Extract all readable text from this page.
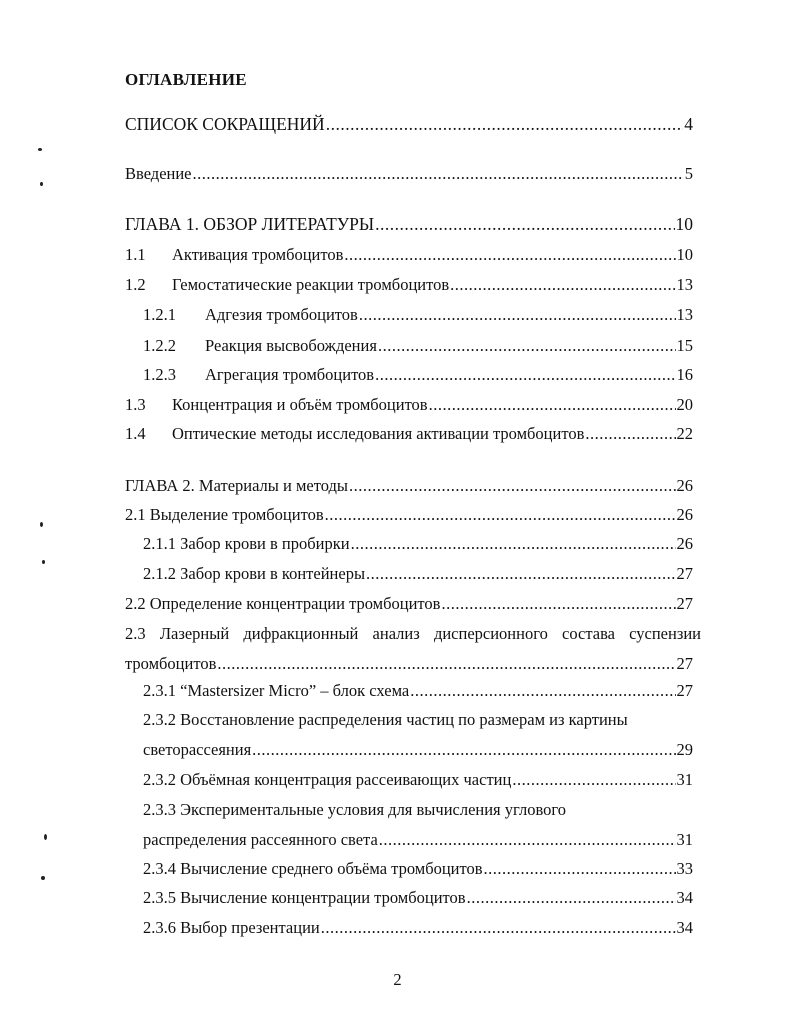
ОГЛАВЛЕНИЕ
СПИСОК СОКРАЩЕНИЙ .....	4
Введение .....	5
ГЛАВА 1. ОБЗОР ЛИТЕРАТУРЫ .....	10
1.1	Активация тромбоцитов .....	10
1.2	Гемостатические реакции тромбоцитов .....	13
1.2.1	Адгезия тромбоцитов .....	13
1.2.2	Реакция высвобождения .....	15
1.2.3	Агрегация тромбоцитов .....	16
1.3	Концентрация и объём тромбоцитов .....	20
1.4	Оптические методы исследования активации тромбоцитов .....	22
ГЛАВА 2. Материалы и методы .....	26
2.1 Выделение тромбоцитов .....	26
2.1.1 Забор крови в пробирки .....	26
2.1.2 Забор крови в контейнеры .....	27
2.2 Определение концентрации тромбоцитов .....	27
2.3 Лазерный дифракционный анализ дисперсионного состава суспензии
тромбоцитов .....	27
2.3.1 “Mastersizer Micro” – блок схема .....	27
2.3.2 Восстановление распределения частиц по размерам из картины
светорассеяния .....	29
2.3.2 Объёмная концентрация рассеивающих частиц .....	31
2.3.3 Экспериментальные условия для вычисления углового
распределения рассеянного света .....	31
2.3.4 Вычисление среднего объёма тромбоцитов .....	33
2.3.5 Вычисление концентрации тромбоцитов .....	34
2.3.6 Выбор презентации .....	34
2
